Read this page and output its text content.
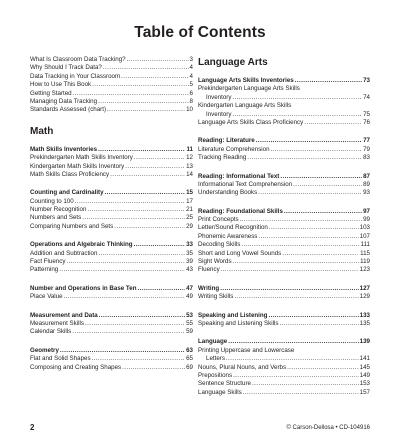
Table of Contents
What Is Classroom Data Tracking? .....	3
Why Should I Track Data? .....	4
Data Tracking in Your Classroom .....	4
How to Use This Book .....	5
Getting Started .....	6
Managing Data Tracking .....	8
Standards Assessed (chart) .....	10
Math
Math Skills Inventories .....	11
Prekindergarten Math Skills Inventory .....	12
Kindergarten Math Skills Inventory .....	13
Math Skills Class Proficiency .....	14
Counting and Cardinality .....	15
Counting to 100 .....	17
Number Recognition .....	21
Numbers and Sets .....	25
Comparing Numbers and Sets .....	29
Operations and Algebraic Thinking .....	33
Addition and Subtraction .....	35
Fact Fluency .....	39
Patterning .....	43
Number and Operations in Base Ten .....	47
Place Value .....	49
Measurement and Data .....	53
Measurement Skills .....	55
Calendar Skills .....	59
Geometry .....	63
Flat and Solid Shapes .....	65
Composing and Creating Shapes .....	69
Language Arts
Language Arts Skills Inventories .....	73
Prekindergarten Language Arts Skills
Inventory .....	74
Kindergarten Language Arts Skills
Inventory .....	75
Language Arts Skills Class Proficiency .....	76
Reading: Literature .....	77
Literature Comprehension .....	79
Tracking Reading .....	83
Reading: Informational Text .....	87
Informational Text Comprehension .....	89
Understanding Books .....	93
Reading: Foundational Skills .....	97
Print Concepts .....	99
Letter/Sound Recognition .....	103
Phonemic Awareness .....	107
Decoding Skills .....	111
Short and Long Vowel Sounds .....	115
Sight Words .....	119
Fluency .....	123
Writing .....	127
Writing Skills .....	129
Speaking and Listening .....	133
Speaking and Listening Skills .....	135
Language .....	139
Printing Uppercase and Lowercase
Letters .....	141
Nouns, Plural Nouns, and Verbs .....	145
Prepositions .....	149
Sentence Structure .....	153
Language Skills .....	157
2	© Carson-Dellosa • CD-104916
